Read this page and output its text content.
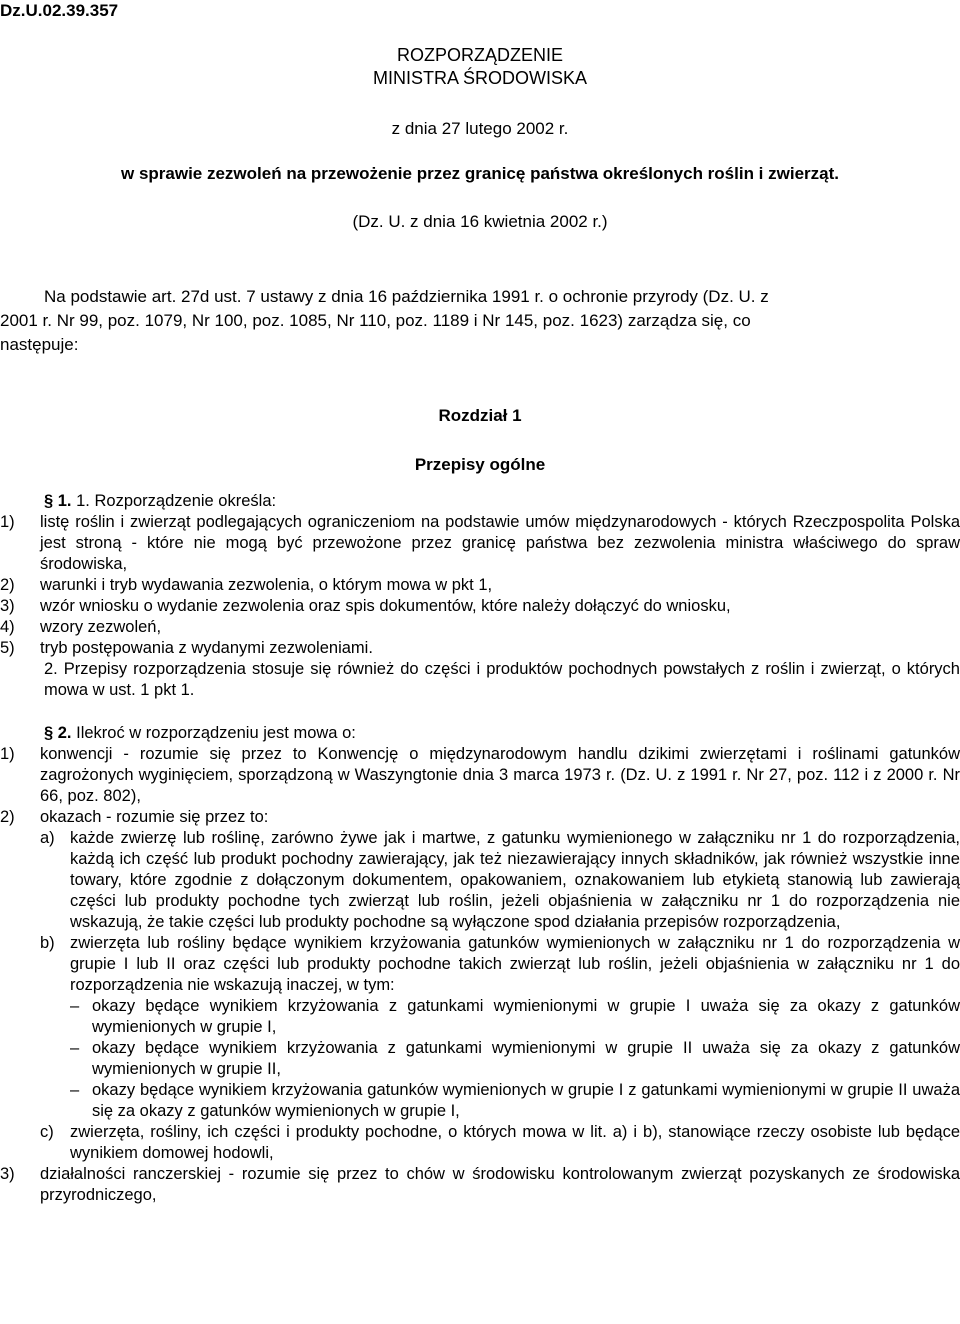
Dz.U.02.39.357
ROZPORZĄDZENIE
MINISTRA ŚRODOWISKA
z dnia 27 lutego 2002 r.
w sprawie zezwoleń na przewożenie przez granicę państwa określonych roślin i zwierząt.
(Dz. U. z dnia 16 kwietnia 2002 r.)
Na podstawie art. 27d ust. 7 ustawy z dnia 16 października 1991 r. o ochronie przyrody (Dz. U. z
2001 r. Nr 99, poz. 1079, Nr 100, poz. 1085, Nr 110, poz. 1189 i Nr 145, poz. 1623) zarządza się, co
następuje:
Rozdział 1
Przepisy ogólne
§ 1. 1. Rozporządzenie określa:
1)	listę roślin i zwierząt podlegających ograniczeniom na podstawie umów międzynarodowych - których Rzeczpospolita Polska jest stroną - które nie mogą być przewożone przez granicę państwa bez zezwolenia ministra właściwego do spraw środowiska,
2)	warunki i tryb wydawania zezwolenia, o którym mowa w pkt 1,
3)	wzór wniosku o wydanie zezwolenia oraz spis dokumentów, które należy dołączyć do wniosku,
4)	wzory zezwoleń,
5)	tryb postępowania z wydanymi zezwoleniami.
2. Przepisy rozporządzenia stosuje się również do części i produktów pochodnych powstałych z roślin i zwierząt, o których mowa w ust. 1 pkt 1.
§ 2. Ilekroć w rozporządzeniu jest mowa o:
1)	konwencji - rozumie się przez to Konwencję o międzynarodowym handlu dzikimi zwierzętami i roślinami gatunków zagrożonych wyginięciem, sporządzoną w Waszyngtonie dnia 3 marca 1973 r. (Dz. U. z 1991 r. Nr 27, poz. 112 i z 2000 r. Nr 66, poz. 802),
2)	okazach - rozumie się przez to:
a) każde zwierzę lub roślinę, zarówno żywe jak i martwe, z gatunku wymienionego w załączniku nr 1 do rozporządzenia, każdą ich część lub produkt pochodny zawierający, jak też niezawierający innych składników, jak również wszystkie inne towary, które zgodnie z dołączonym dokumentem, opakowaniem, oznakowaniem lub etykietą stanowią lub zawierają części lub produkty pochodne tych zwierząt lub roślin, jeżeli objaśnienia w załączniku nr 1 do rozporządzenia nie wskazują, że takie części lub produkty pochodne są wyłączone spod działania przepisów rozporządzenia,
b) zwierzęta lub rośliny będące wynikiem krzyżowania gatunków wymienionych w załączniku nr 1 do rozporządzenia w grupie I lub II oraz części lub produkty pochodne takich zwierząt lub roślin, jeżeli objaśnienia w załączniku nr 1 do rozporządzenia nie wskazują inaczej, w tym:
– okazy będące wynikiem krzyżowania z gatunkami wymienionymi w grupie I uważa się za okazy z gatunków wymienionych w grupie I,
– okazy będące wynikiem krzyżowania z gatunkami wymienionymi w grupie II uważa się za okazy z gatunków wymienionych w grupie II,
– okazy będące wynikiem krzyżowania gatunków wymienionych w grupie I z gatunkami wymienionymi w grupie II uważa się za okazy z gatunków wymienionych w grupie I,
c) zwierzęta, rośliny, ich części i produkty pochodne, o których mowa w lit. a) i b), stanowiące rzeczy osobiste lub będące wynikiem domowej hodowli,
3)	działalności ranczerskiej - rozumie się przez to chów w środowisku kontrolowanym zwierząt pozyskanych ze środowiska przyrodniczego,
